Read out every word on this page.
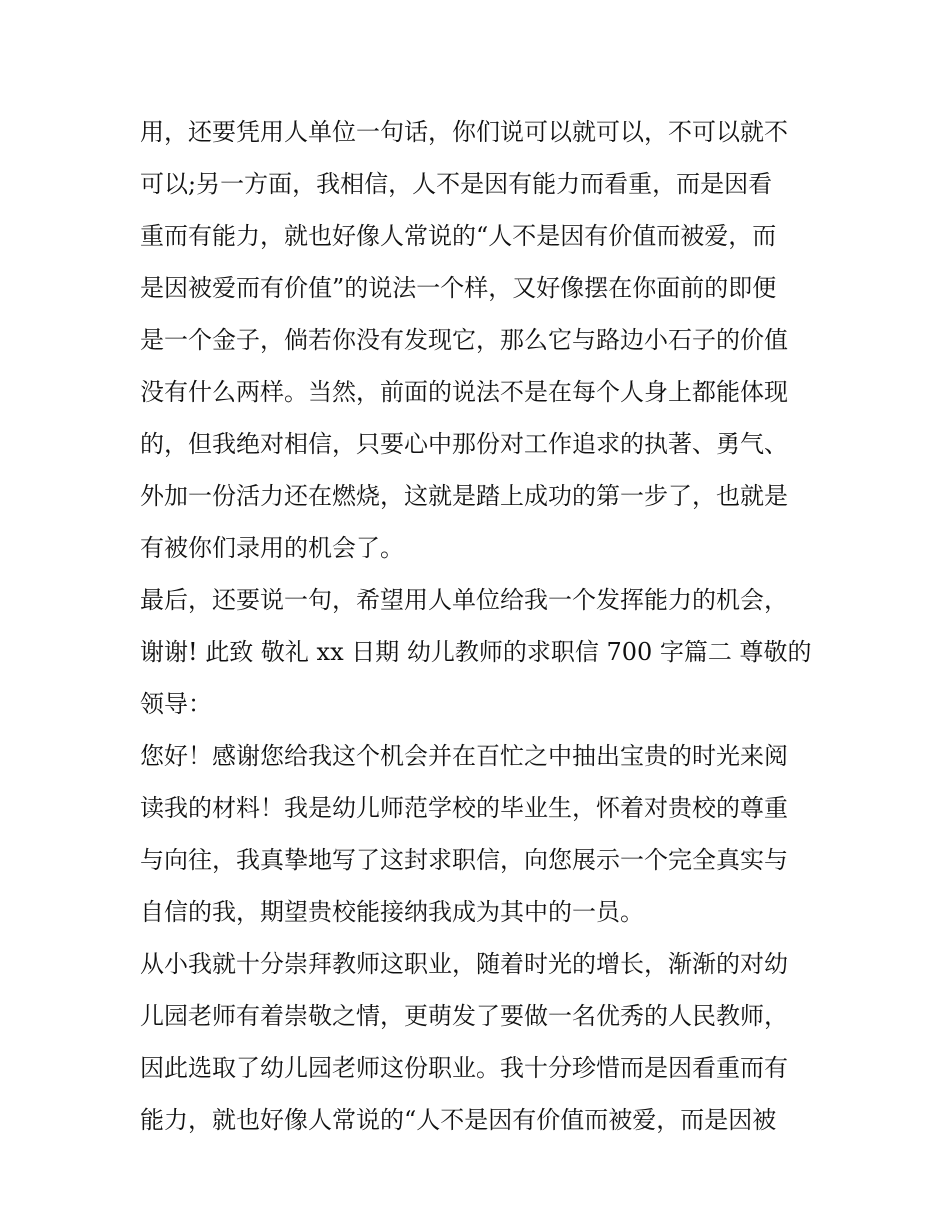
用，还要凭用人单位一句话，你们说可以就可以，不可以就不
可以;另一方面，我相信，人不是因有能力而看重，而是因看
重而有能力，就也好像人常说的“人不是因有价值而被爱，而
是因被爱而有价值”的说法一个样，又好像摆在你面前的即便
是一个金子，倘若你没有发现它，那么它与路边小石子的价值
没有什么两样。当然，前面的说法不是在每个人身上都能体现
的，但我绝对相信，只要心中那份对工作追求的执著、勇气、
外加一份活力还在燃烧，这就是踏上成功的第一步了，也就是
有被你们录用的机会了。
最后，还要说一句，希望用人单位给我一个发挥能力的机会，
谢谢! 此致 敬礼 xx 日期 幼儿教师的求职信 700 字篇二 尊敬的
领导：
您好！感谢您给我这个机会并在百忙之中抽出宝贵的时光来阅
读我的材料！我是幼儿师范学校的毕业生，怀着对贵校的尊重
与向往，我真挚地写了这封求职信，向您展示一个完全真实与
自信的我，期望贵校能接纳我成为其中的一员。
从小我就十分崇拜教师这职业，随着时光的增长，渐渐的对幼
儿园老师有着崇敬之情，更萌发了要做一名优秀的人民教师，
因此选取了幼儿园老师这份职业。我十分珍惜而是因看重而有
能力，就也好像人常说的“人不是因有价值而被爱，而是因被
